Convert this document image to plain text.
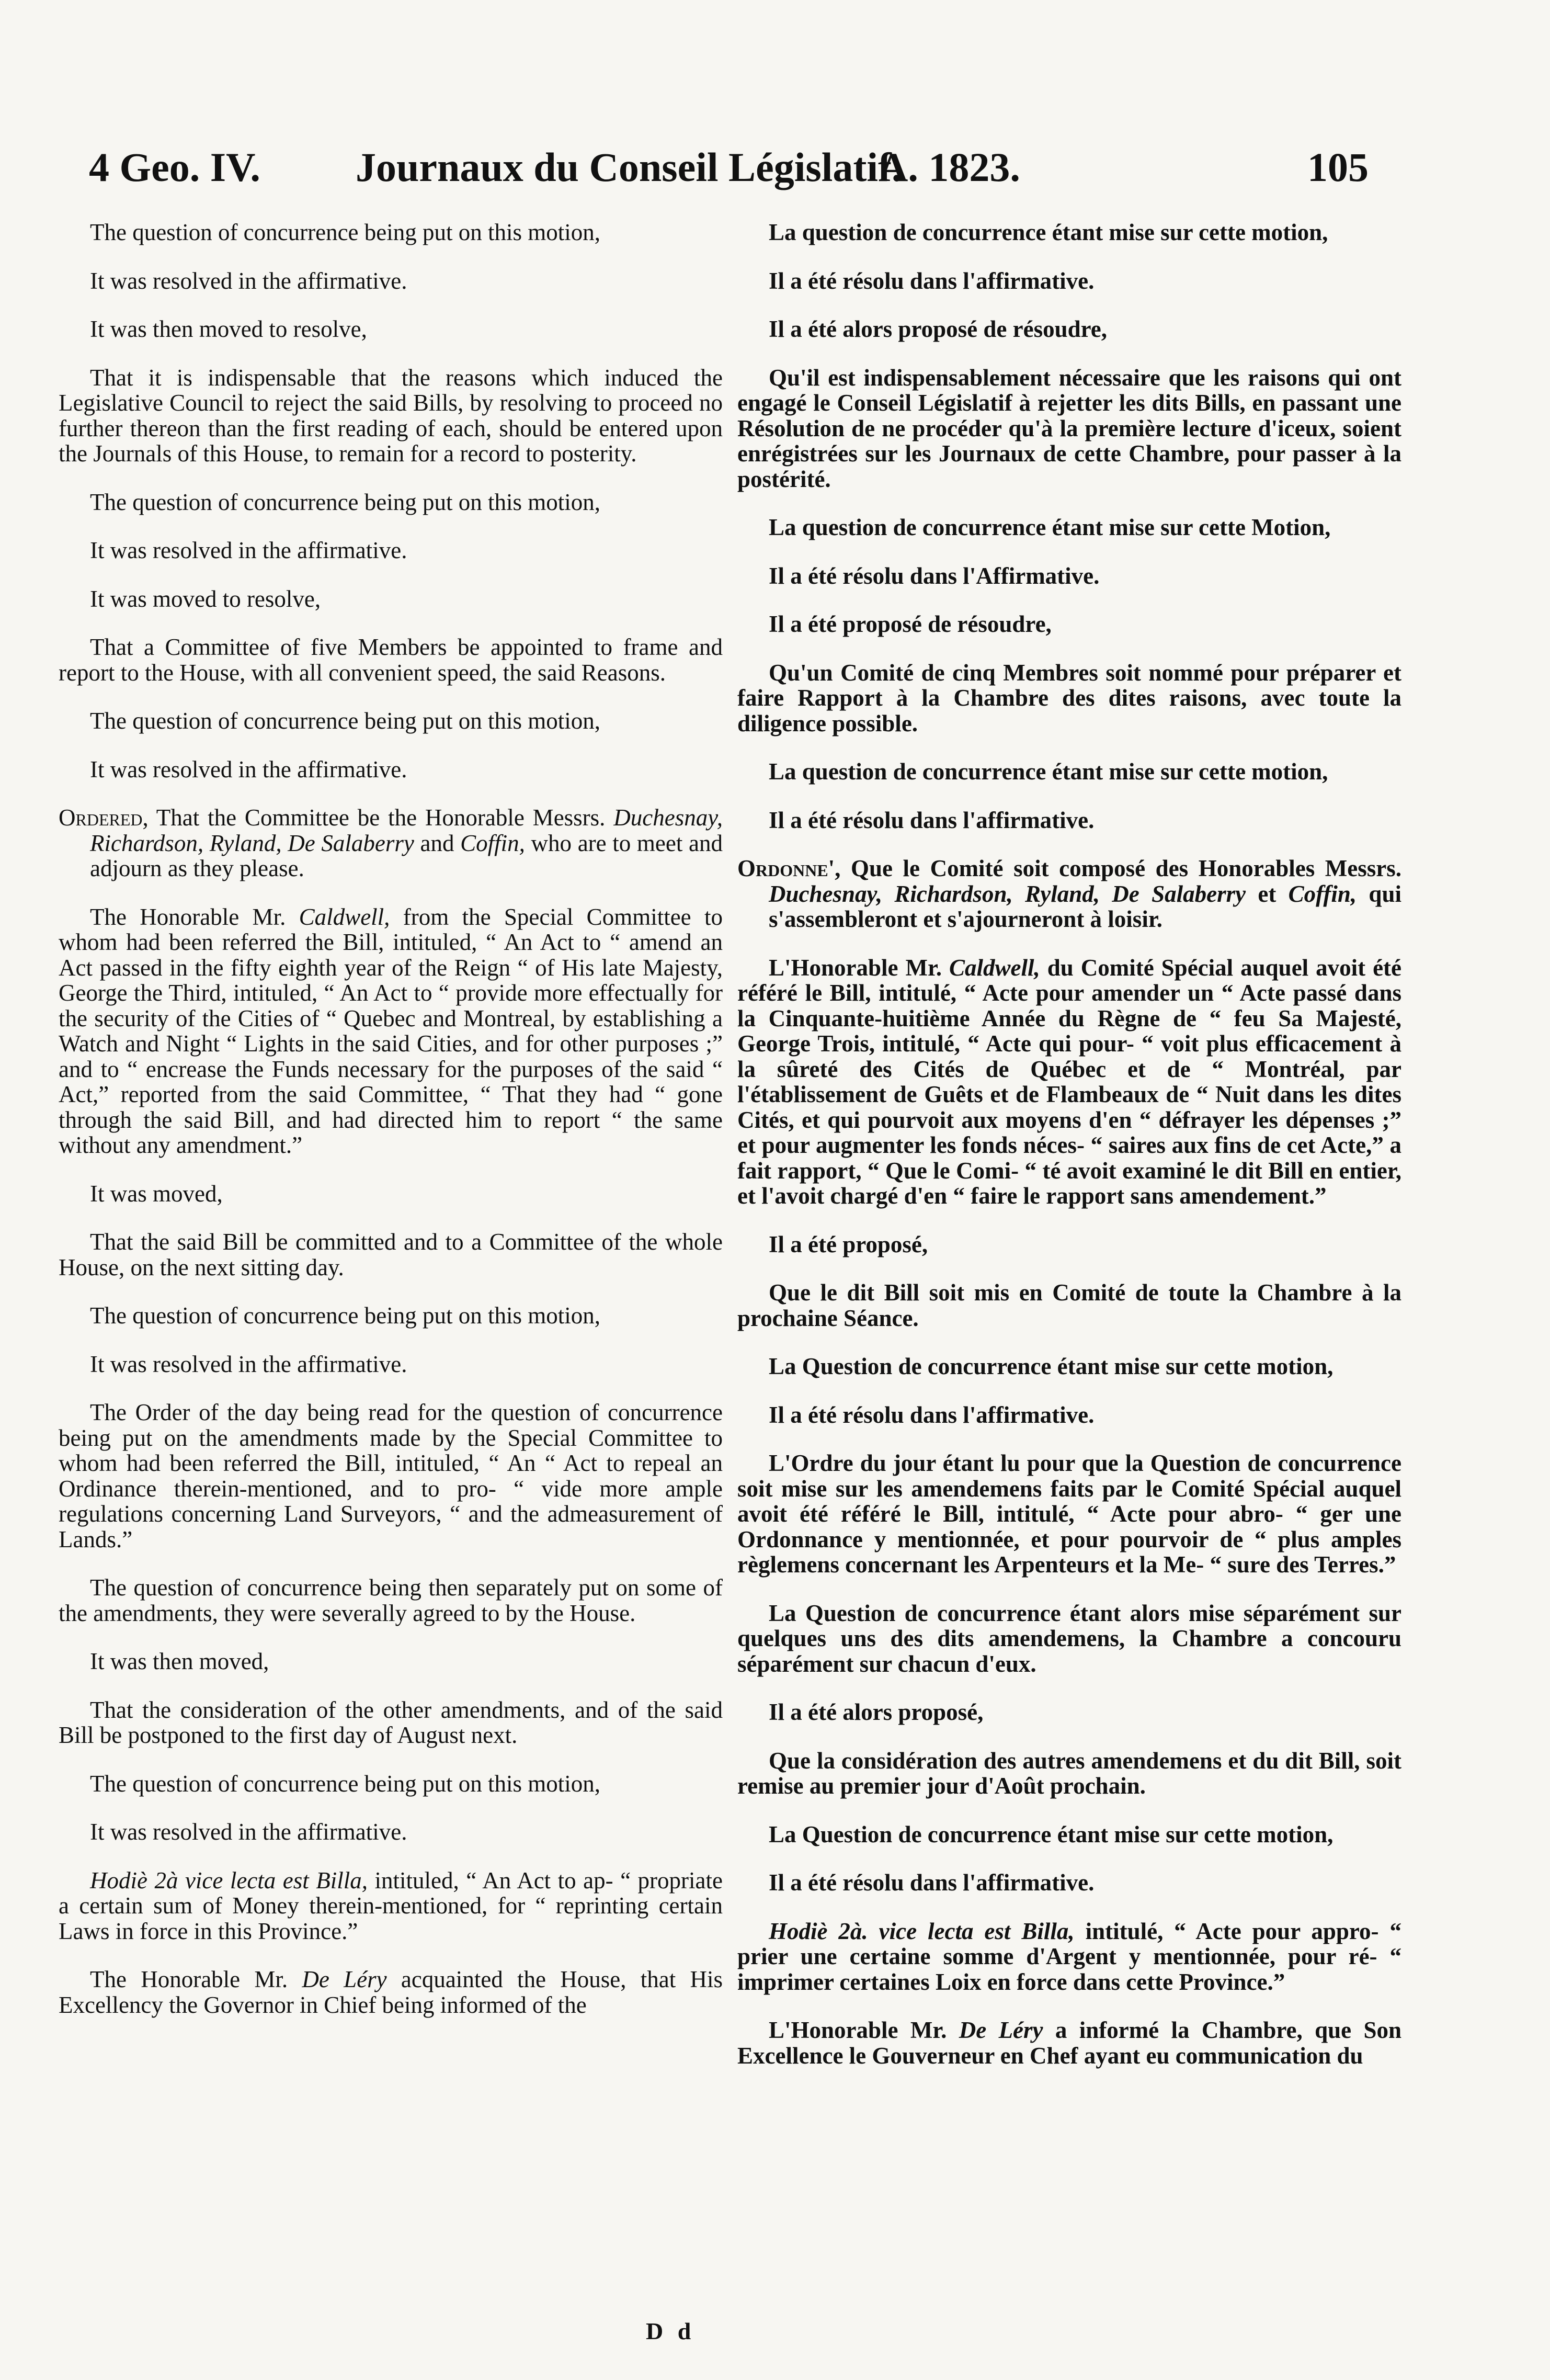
4 Geo. IV. Journaux du Conseil Législatif.
A. 1823.	105

The question of concurrence being put on this motion,

It was resolved in the affirmative.

It was then moved to resolve,

That it is indispensable that the reasons which induced the Legislative Council to reject the said Bills, by resolving to proceed no further thereon than the first reading of each, should be entered upon the Journals of this House, to remain for a record to posterity.

The question of concurrence being put on this motion,

It was resolved in the affirmative.

It was moved to resolve,

That a Committee of five Members be appointed to frame and report to the House, with all convenient speed, the said Reasons.

The question of concurrence being put on this motion,

It was resolved in the affirmative.

Ordered, That the Committee be the Honorable Messrs. Duchesnay, Richardson, Ryland, De Salaberry and Coffin, who are to meet and adjourn as they please.

The Honorable Mr. Caldwell, from the Special Committee to whom had been referred the Bill, intituled, “ An Act to “ amend an Act passed in the fifty eighth year of the Reign “ of His late Majesty, George the Third, intituled, “ An Act to “ provide more effectually for the security of the Cities of “ Quebec and Montreal, by establishing a Watch and Night “ Lights in the said Cities, and for other purposes ;” and to “ encrease the Funds necessary for the purposes of the said “ Act,” reported from the said Committee, “ That they had “ gone through the said Bill, and had directed him to report “ the same without any amendment.”

It was moved,

That the said Bill be committed and to a Committee of the whole House, on the next sitting day.

The question of concurrence being put on this motion,

It was resolved in the affirmative.

The Order of the day being read for the question of concurrence being put on the amendments made by the Special Committee to whom had been referred the Bill, intituled, “ An “ Act to repeal an Ordinance therein-mentioned, and to pro- “ vide more ample regulations concerning Land Surveyors, “ and the admeasurement of Lands.”

The question of concurrence being then separately put on some of the amendments, they were severally agreed to by the House.

It was then moved,

That the consideration of the other amendments, and of the said Bill be postponed to the first day of August next.

The question of concurrence being put on this motion,

It was resolved in the affirmative.

Hodiè 2à vice lecta est Billa, intituled, “ An Act to ap- “ propriate a certain sum of Money therein-mentioned, for “ reprinting certain Laws in force in this Province.”

The Honorable Mr. De Léry acquainted the House, that His Excellency the Governor in Chief being informed of the

La question de concurrence étant mise sur cette motion,

Il a été résolu dans l'affirmative.

Il a été alors proposé de résoudre,

Qu'il est indispensablement nécessaire que les raisons qui ont engagé le Conseil Législatif à rejetter les dits Bills, en passant une Résolution de ne procéder qu'à la première lecture d'iceux, soient enrégistrées sur les Journaux de cette Chambre, pour passer à la postérité.

La question de concurrence étant mise sur cette Motion,

Il a été résolu dans l'Affirmative.

Il a été proposé de résoudre,

Qu'un Comité de cinq Membres soit nommé pour préparer et faire Rapport à la Chambre des dites raisons, avec toute la diligence possible.

La question de concurrence étant mise sur cette motion,

Il a été résolu dans l'affirmative.

Ordonne', Que le Comité soit composé des Honorables Messrs. Duchesnay, Richardson, Ryland, De Salaberry et Coffin, qui s'assembleront et s'ajourneront à loisir.

L'Honorable Mr. Caldwell, du Comité Spécial auquel avoit été référé le Bill, intitulé, “ Acte pour amender un “ Acte passé dans la Cinquante-huitième Année du Règne de “ feu Sa Majesté, George Trois, intitulé, “ Acte qui pour- “ voit plus efficacement à la sûreté des Cités de Québec et de “ Montréal, par l'établissement de Guêts et de Flambeaux de “ Nuit dans les dites Cités, et qui pourvoit aux moyens d'en “ défrayer les dépenses ;” et pour augmenter les fonds néces- “ saires aux fins de cet Acte,” a fait rapport, “ Que le Comi- “ té avoit examiné le dit Bill en entier, et l'avoit chargé d'en “ faire le rapport sans amendement.”

Il a été proposé,

Que le dit Bill soit mis en Comité de toute la Chambre à la prochaine Séance.

La Question de concurrence étant mise sur cette motion,

Il a été résolu dans l'affirmative.

L'Ordre du jour étant lu pour que la Question de concurrence soit mise sur les amendemens faits par le Comité Spécial auquel avoit été référé le Bill, intitulé, “ Acte pour abro- “ ger une Ordonnance y mentionnée, et pour pourvoir de “ plus amples règlemens concernant les Arpenteurs et la Me- “ sure des Terres.”

La Question de concurrence étant alors mise séparément sur quelques uns des dits amendemens, la Chambre a concouru séparément sur chacun d'eux.

Il a été alors proposé,

Que la considération des autres amendemens et du dit Bill, soit remise au premier jour d'Août prochain.

La Question de concurrence étant mise sur cette motion,

Il a été résolu dans l'affirmative.

Hodiè 2à. vice lecta est Billa, intitulé, “ Acte pour appro- “ prier une certaine somme d'Argent y mentionnée, pour ré- “ imprimer certaines Loix en force dans cette Province.”

L'Honorable Mr. De Léry a informé la Chambre, que Son Excellence le Gouverneur en Chef ayant eu communication du

D d
